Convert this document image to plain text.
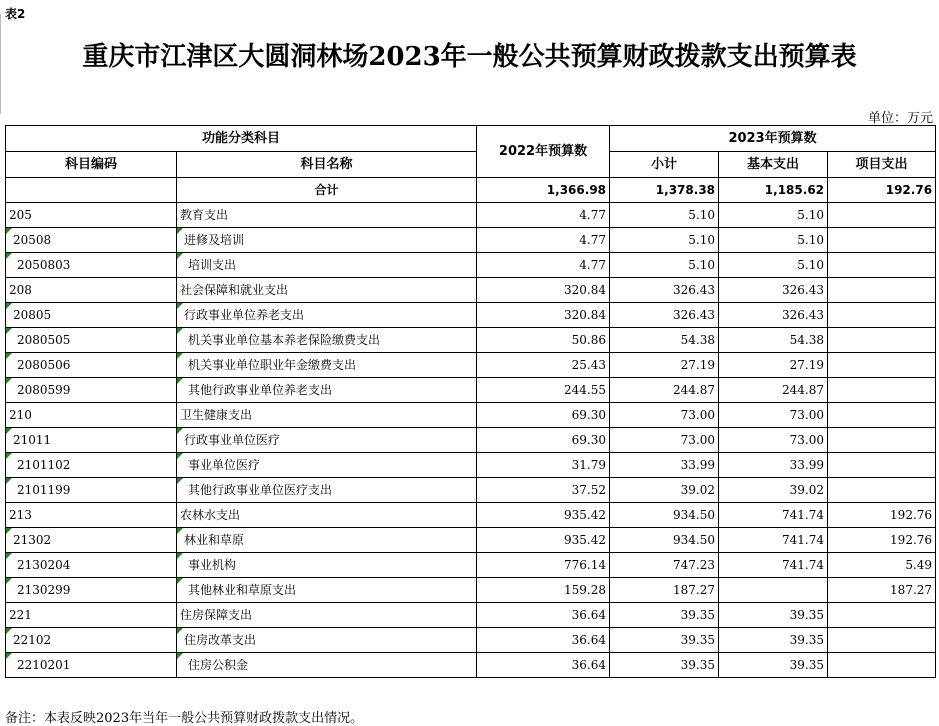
表2
重庆市江津区大圆洞林场2023年一般公共预算财政拨款支出预算表
单位：万元
功能分类科目		2022年预算数	2023年预算数		
科目编码	科目名称		小计	基本支出	项目支出
	合计	1,366.98	1,378.38	1,185.62	192.76
205	教育支出	4.77	5.10	5.10	
20508	进修及培训	4.77	5.10	5.10	
2050803	培训支出	4.77	5.10	5.10	
208	社会保障和就业支出	320.84	326.43	326.43	
20805	行政事业单位养老支出	320.84	326.43	326.43	
2080505	机关事业单位基本养老保险缴费支出	50.86	54.38	54.38	
2080506	机关事业单位职业年金缴费支出	25.43	27.19	27.19	
2080599	其他行政事业单位养老支出	244.55	244.87	244.87	
210	卫生健康支出	69.30	73.00	73.00	
21011	行政事业单位医疗	69.30	73.00	73.00	
2101102	事业单位医疗	31.79	33.99	33.99	
2101199	其他行政事业单位医疗支出	37.52	39.02	39.02	
213	农林水支出	935.42	934.50	741.74	192.76
21302	林业和草原	935.42	934.50	741.74	192.76
2130204	事业机构	776.14	747.23	741.74	5.49
2130299	其他林业和草原支出	159.28	187.27		187.27
221	住房保障支出	36.64	39.35	39.35	
22102	住房改革支出	36.64	39.35	39.35	
2210201	住房公积金	36.64	39.35	39.35	
备注：本表反映2023年当年一般公共预算财政拨款支出情况。
